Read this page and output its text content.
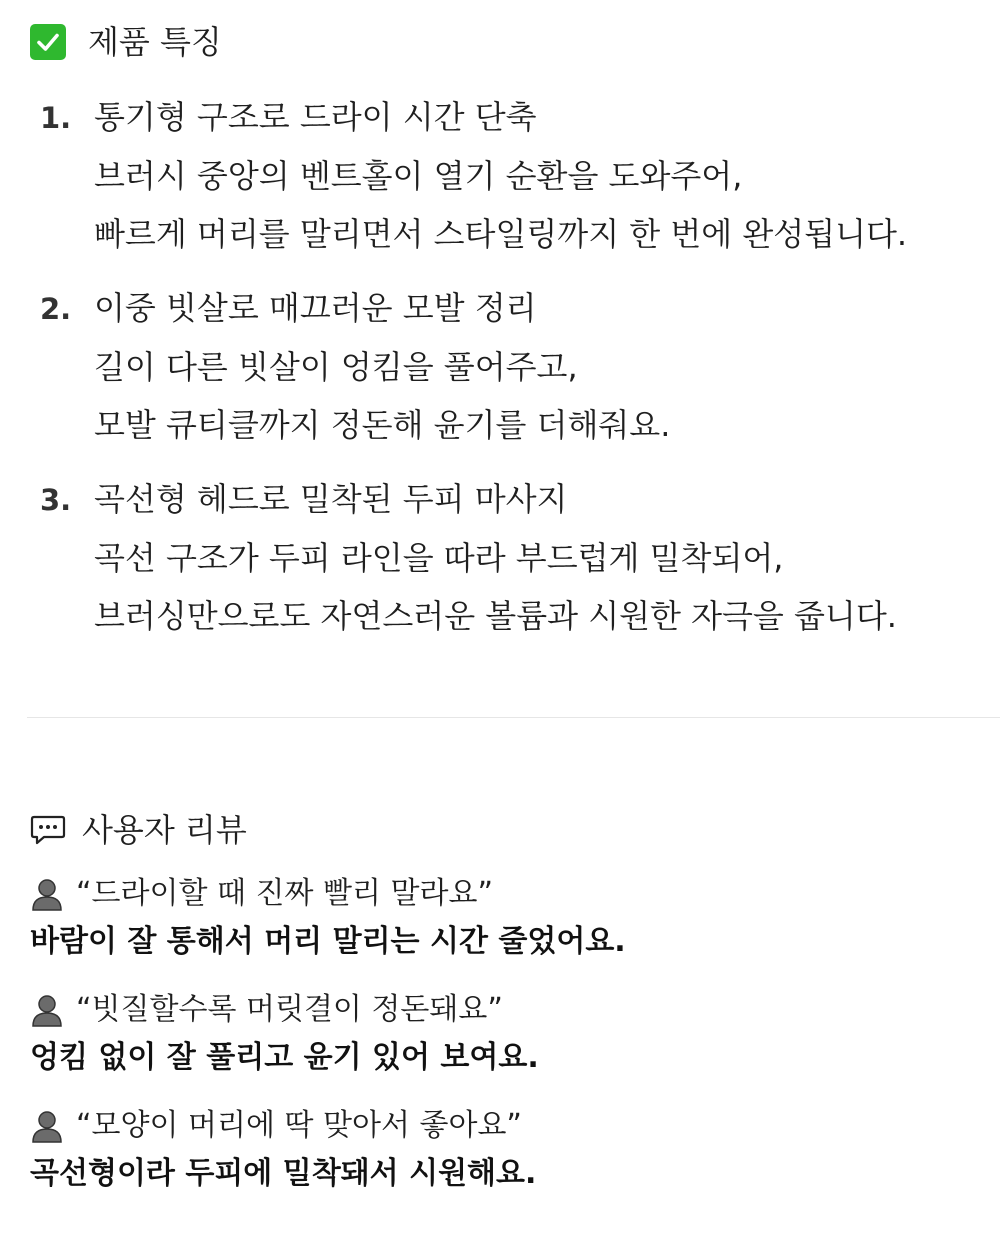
제품 특징
1. 통기형 구조로 드라이 시간 단축
브러시 중앙의 벤트홀이 열기 순환을 도와주어,
빠르게 머리를 말리면서 스타일링까지 한 번에 완성됩니다.
2. 이중 빗살로 매끄러운 모발 정리
길이 다른 빗살이 엉킴을 풀어주고,
모발 큐티클까지 정돈해 윤기를 더해줘요.
3. 곡선형 헤드로 밀착된 두피 마사지
곡선 구조가 두피 라인을 따라 부드럽게 밀착되어,
브러싱만으로도 자연스러운 볼륨과 시원한 자극을 줍니다.
사용자 리뷰
“드라이할 때 진짜 빨리 말라요”
바람이 잘 통해서 머리 말리는 시간 줄었어요.
“빗질할수록 머릿결이 정돈돼요”
엉킴 없이 잘 풀리고 윤기 있어 보여요.
“모양이 머리에 딱 맞아서 좋아요”
곡선형이라 두피에 밀착돼서 시원해요.
